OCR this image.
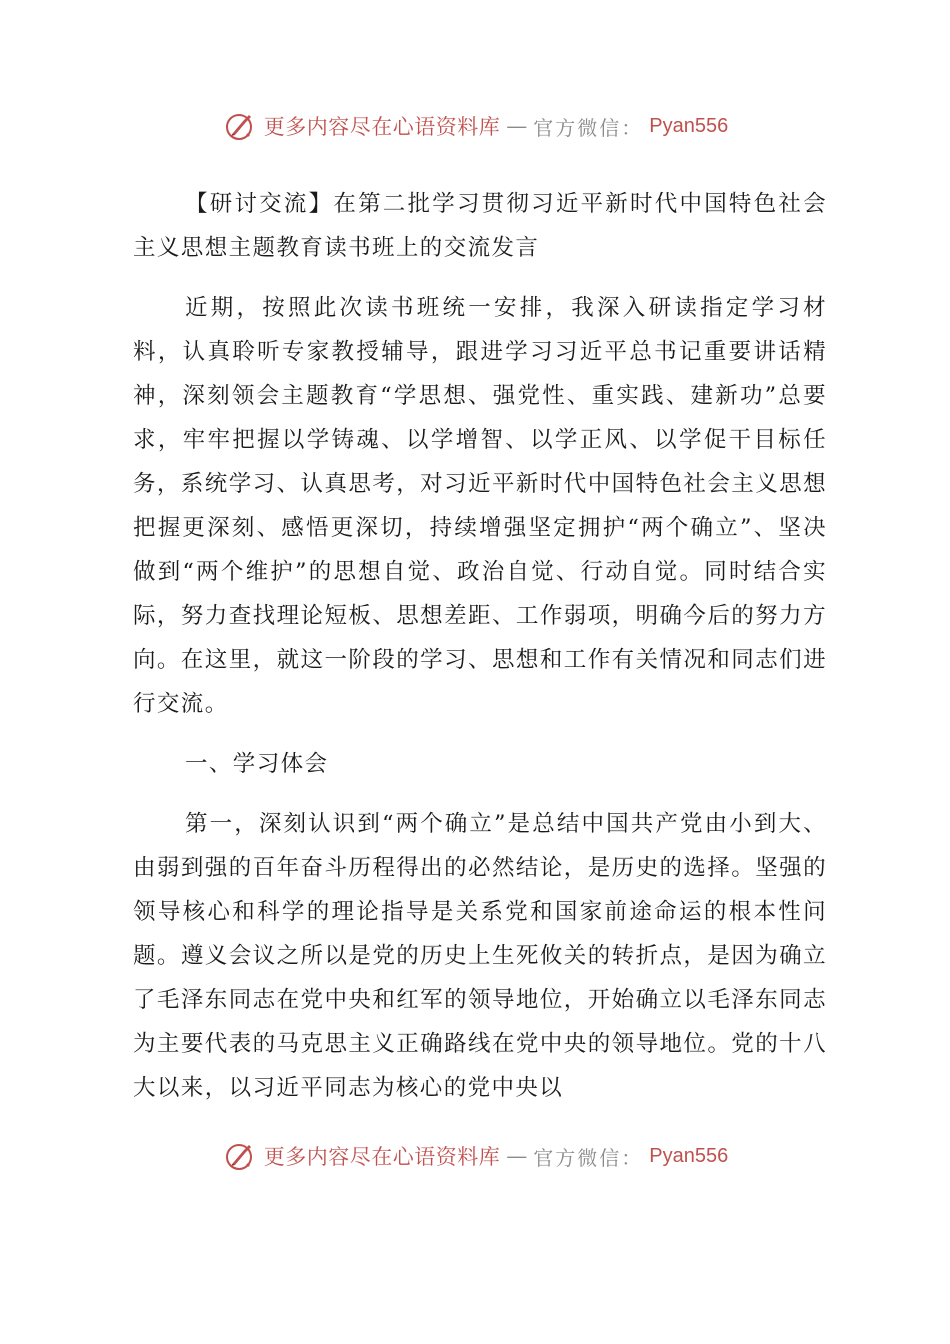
更多内容尽在心语资料库 — 官方微信： Pyan556

【研讨交流】在第二批学习贯彻习近平新时代中国特色社会主义思想主题教育读书班上的交流发言

近期，按照此次读书班统一安排，我深入研读指定学习材料，认真聆听专家教授辅导，跟进学习习近平总书记重要讲话精神，深刻领会主题教育“学思想、强党性、重实践、建新功”总要求，牢牢把握以学铸魂、以学增智、以学正风、以学促干目标任务，系统学习、认真思考，对习近平新时代中国特色社会主义思想把握更深刻、感悟更深切，持续增强坚定拥护“两个确立”、坚决做到“两个维护”的思想自觉、政治自觉、行动自觉。同时结合实际，努力查找理论短板、思想差距、工作弱项，明确今后的努力方向。在这里，就这一阶段的学习、思想和工作有关情况和同志们进行交流。

一、学习体会

第一，深刻认识到“两个确立”是总结中国共产党由小到大、由弱到强的百年奋斗历程得出的必然结论，是历史的选择。坚强的领导核心和科学的理论指导是关系党和国家前途命运的根本性问题。遵义会议之所以是党的历史上生死攸关的转折点，是因为确立了毛泽东同志在党中央和红军的领导地位，开始确立以毛泽东同志为主要代表的马克思主义正确路线在党中央的领导地位。党的十八大以来，以习近平同志为核心的党中央以

更多内容尽在心语资料库 — 官方微信： Pyan556
